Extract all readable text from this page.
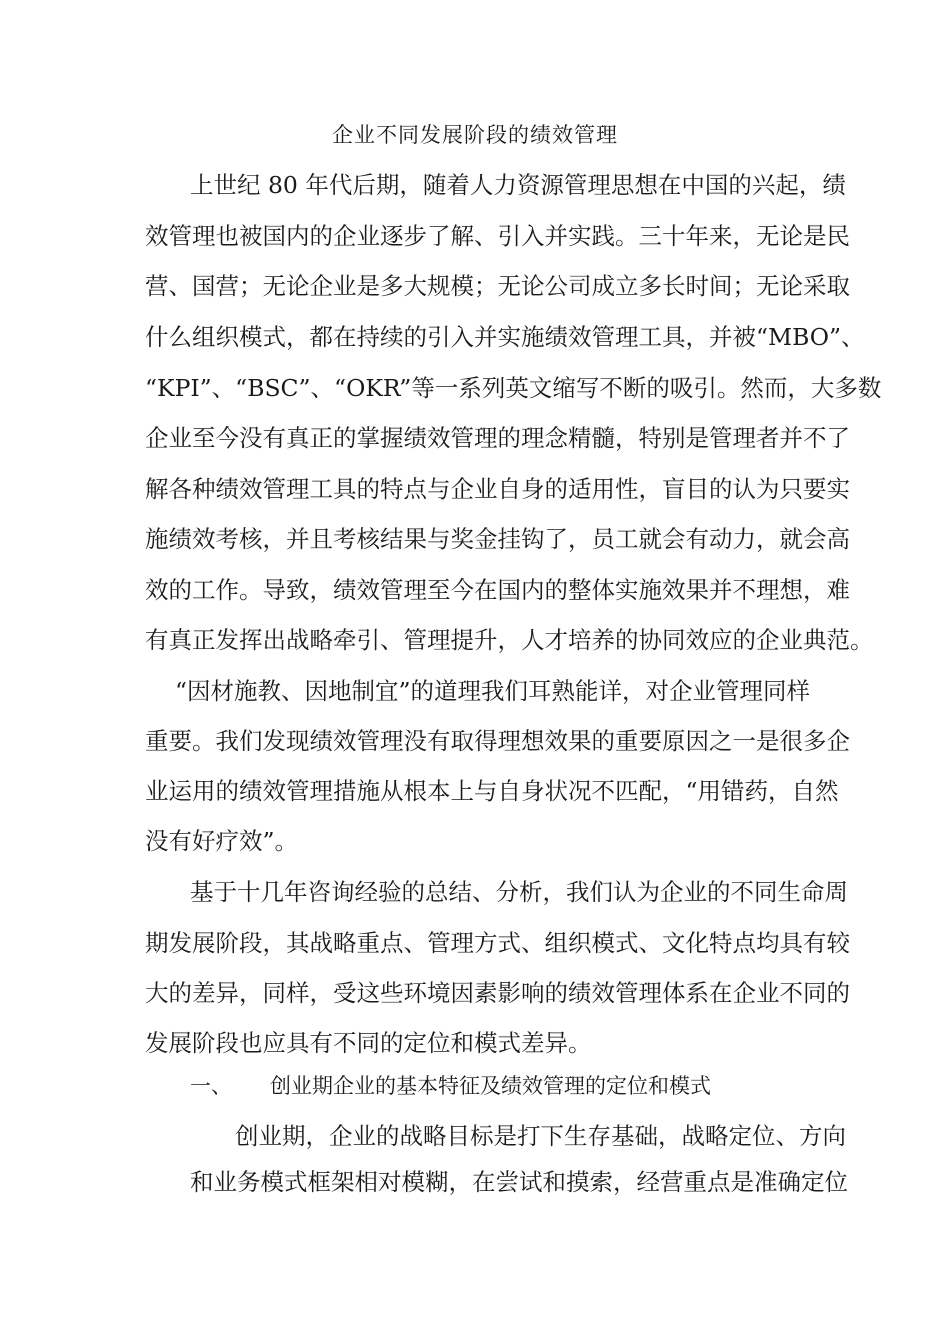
企业不同发展阶段的绩效管理
上世纪 80 年代后期，随着人力资源管理思想在中国的兴起，绩
效管理也被国内的企业逐步了解、引入并实践。三十年来，无论是民
营、国营；无论企业是多大规模；无论公司成立多长时间；无论采取
什么组织模式，都在持续的引入并实施绩效管理工具，并被“MBO”、
“KPI”、“BSC”、“OKR”等一系列英文缩写不断的吸引。然而，大多数
企业至今没有真正的掌握绩效管理的理念精髓，特别是管理者并不了
解各种绩效管理工具的特点与企业自身的适用性，盲目的认为只要实
施绩效考核，并且考核结果与奖金挂钩了，员工就会有动力，就会高
效的工作。导致，绩效管理至今在国内的整体实施效果并不理想，难
有真正发挥出战略牵引、管理提升，人才培养的协同效应的企业典范。
“因材施教、因地制宜”的道理我们耳熟能详，对企业管理同样
重要。我们发现绩效管理没有取得理想效果的重要原因之一是很多企
业运用的绩效管理措施从根本上与自身状况不匹配，“用错药，自然
没有好疗效”。
基于十几年咨询经验的总结、分析，我们认为企业的不同生命周
期发展阶段，其战略重点、管理方式、组织模式、文化特点均具有较
大的差异，同样，受这些环境因素影响的绩效管理体系在企业不同的
发展阶段也应具有不同的定位和模式差异。
一、 创业期企业的基本特征及绩效管理的定位和模式
创业期，企业的战略目标是打下生存基础，战略定位、方向
和业务模式框架相对模糊，在尝试和摸索，经营重点是准确定位
